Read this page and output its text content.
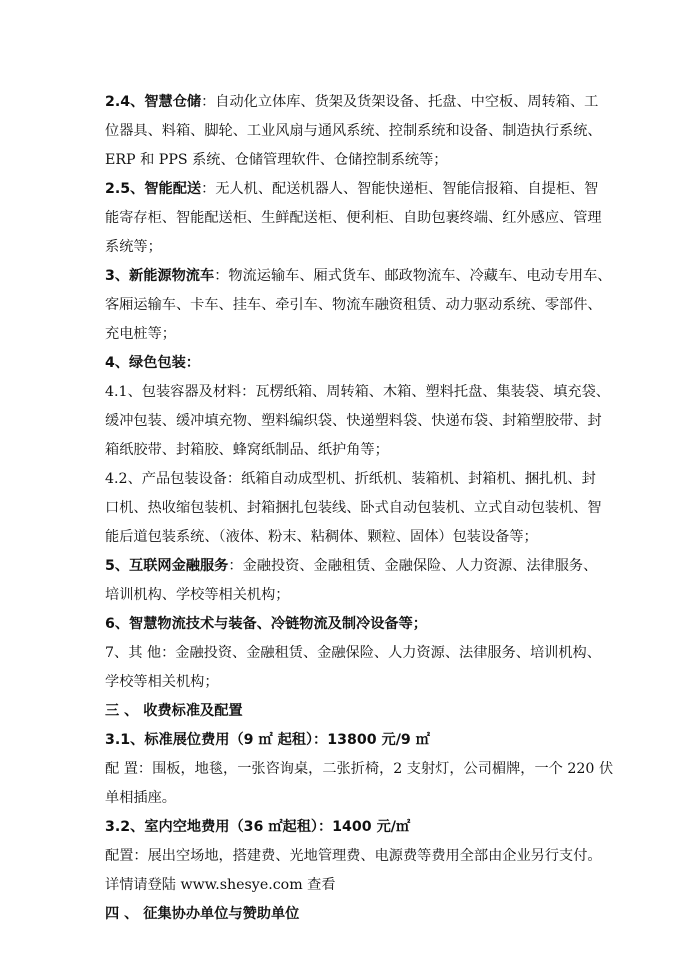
2.4、智慧仓储：自动化立体库、货架及货架设备、托盘、中空板、周转箱、工
位器具、料箱、脚轮、工业风扇与通风系统、控制系统和设备、制造执行系统、
ERP 和 PPS 系统、仓储管理软件、仓储控制系统等；
2.5、智能配送：无人机、配送机器人、智能快递柜、智能信报箱、自提柜、智
能寄存柜、智能配送柜、生鲜配送柜、便利柜、自助包裹终端、红外感应、管理
系统等；
3、新能源物流车：物流运输车、厢式货车、邮政物流车、冷藏车、电动专用车、
客厢运输车、卡车、挂车、牵引车、物流车融资租赁、动力驱动系统、零部件、
充电桩等；
4、绿色包装：
4.1、包装容器及材料：瓦楞纸箱、周转箱、木箱、塑料托盘、集装袋、填充袋、
缓冲包装、缓冲填充物、塑料编织袋、快递塑料袋、快递布袋、封箱塑胶带、封
箱纸胶带、封箱胶、蜂窝纸制品、纸护角等；
4.2、产品包装设备：纸箱自动成型机、折纸机、装箱机、封箱机、捆扎机、封
口机、热收缩包装机、封箱捆扎包装线、卧式自动包装机、立式自动包装机、智
能后道包装系统、（液体、粉末、粘稠体、颗粒、固体）包装设备等；
5、互联网金融服务：金融投资、金融租赁、金融保险、人力资源、法律服务、
培训机构、学校等相关机构；
6、智慧物流技术与装备、冷链物流及制冷设备等；
7、其 他：金融投资、金融租赁、金融保险、人力资源、法律服务、培训机构、
学校等相关机构；
三 、 收费标准及配置
3.1、标准展位费用（9 ㎡ 起租）：13800 元/9 ㎡
配 置：围板，地毯，一张咨询桌，二张折椅，2 支射灯，公司楣牌，一个 220 伏
单相插座。
3.2、室内空地费用（36 ㎡起租）：1400 元/㎡
配置：展出空场地，搭建费、光地管理费、电源费等费用全部由企业另行支付。
详情请登陆 www.shesye.com 查看
四 、 征集协办单位与赞助单位
